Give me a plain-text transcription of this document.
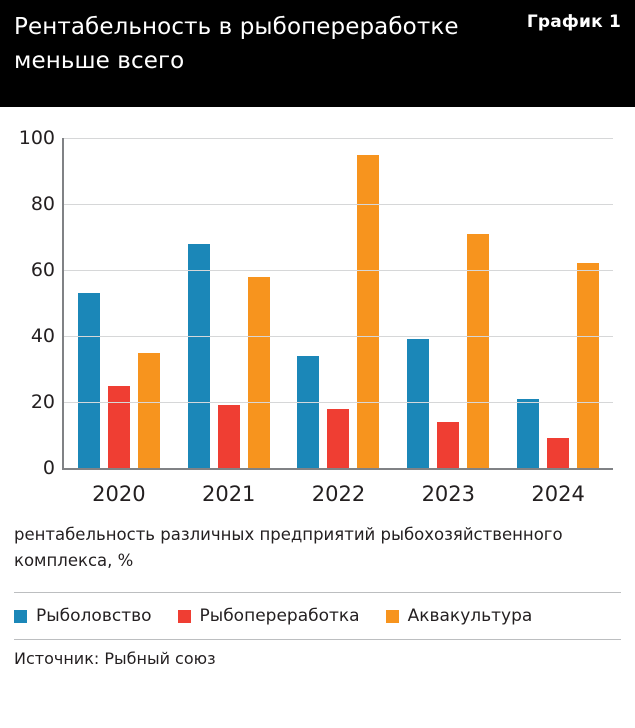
Рентабельность в рыбопереработке меньше всего
График 1
2020	2021	2022	2023	2024
0
20
40
60
80
100
рентабельность различных предприятий рыбохозяйственного комплекса, %
Рыболовство	Рыбопереработка	Аквакультура
Источник: Рыбный союз
